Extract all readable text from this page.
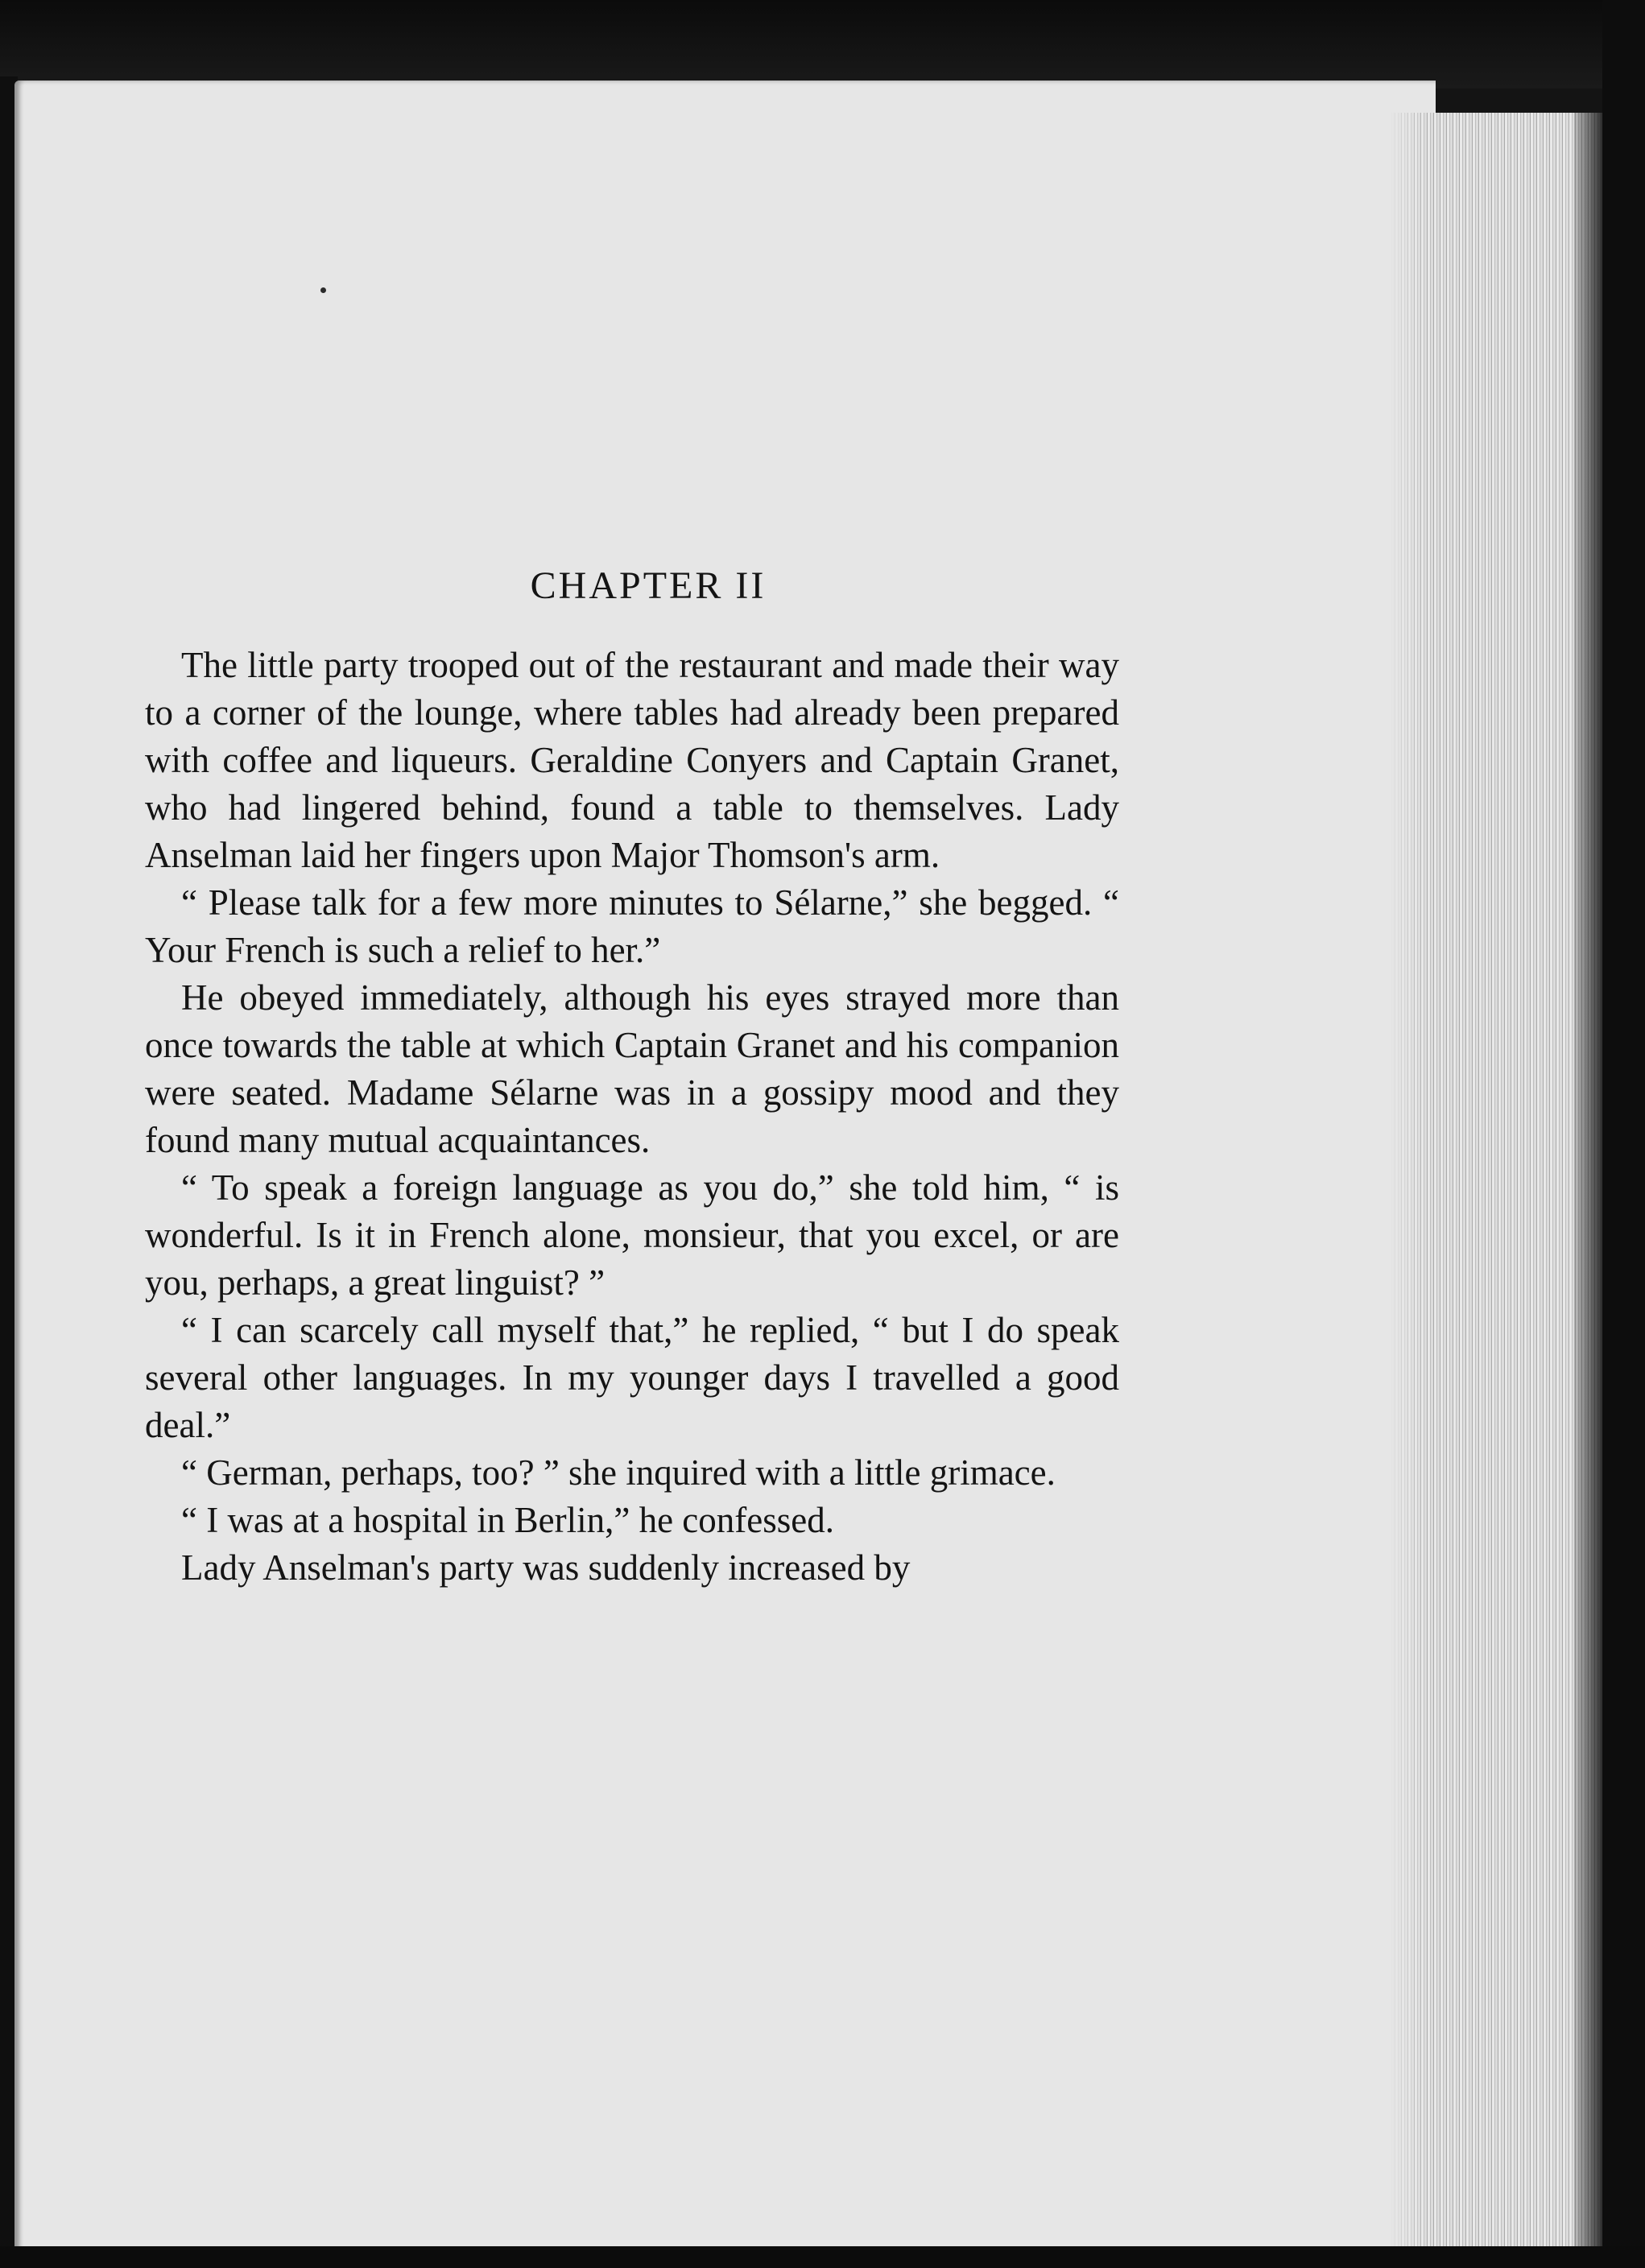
CHAPTER II

The little party trooped out of the restaurant and made their way to a corner of the lounge, where tables had already been prepared with coffee and liqueurs. Geraldine Conyers and Captain Granet, who had lingered behind, found a table to themselves. Lady Anselman laid her fingers upon Major Thomson's arm.

“ Please talk for a few more minutes to Sélarne,” she begged. “ Your French is such a relief to her.”

He obeyed immediately, although his eyes strayed more than once towards the table at which Captain Granet and his companion were seated. Madame Sélarne was in a gossipy mood and they found many mutual acquaintances.

“ To speak a foreign language as you do,” she told him, “ is wonderful. Is it in French alone, monsieur, that you excel, or are you, perhaps, a great linguist? ”

“ I can scarcely call myself that,” he replied, “ but I do speak several other languages. In my younger days I travelled a good deal.”

“ German, perhaps, too? ” she inquired with a little grimace.

“ I was at a hospital in Berlin,” he confessed.

Lady Anselman's party was suddenly increased by
